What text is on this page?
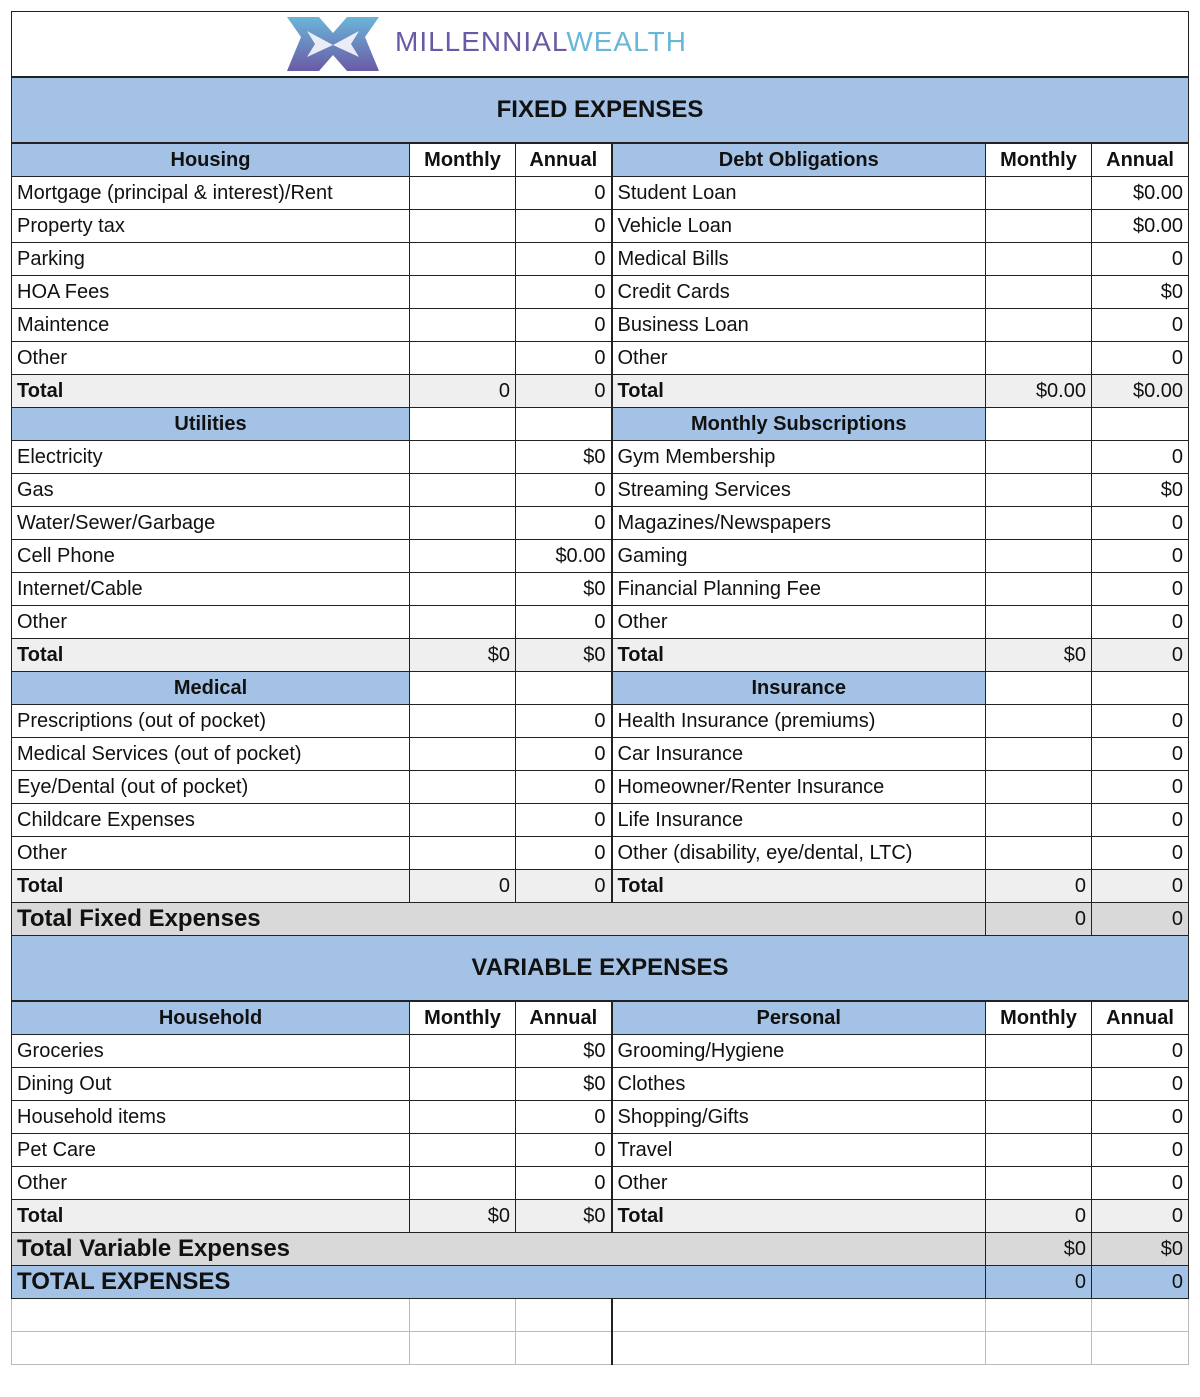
MILLENNIALWEALTH					

FIXED EXPENSES					
Housing	Monthly	Annual	Debt Obligations	Monthly	Annual
Mortgage (principal & interest)/Rent		0	Student Loan		$0.00
Property tax		0	Vehicle Loan		$0.00
Parking		0	Medical Bills		0
HOA Fees		0	Credit Cards		$0
Maintence		0	Business Loan		0
Other		0	Other		0
Total	0	0	Total	$0.00	$0.00
Utilities			Monthly Subscriptions		
Electricity		$0	Gym Membership		0
Gas		0	Streaming Services		$0
Water/Sewer/Garbage		0	Magazines/Newspapers		0
Cell Phone		$0.00	Gaming		0
Internet/Cable		$0	Financial Planning Fee		0
Other		0	Other		0
Total	$0	$0	Total	$0	0
Medical			Insurance		
Prescriptions (out of pocket)		0	Health Insurance (premiums)		0
Medical Services (out of pocket)		0	Car Insurance		0
Eye/Dental (out of pocket)		0	Homeowner/Renter Insurance		0
Childcare Expenses		0	Life Insurance		0
Other		0	Other (disability, eye/dental, LTC)		0
Total	0	0	Total	0	0
Total Fixed Expenses				0	0
VARIABLE EXPENSES					
Household	Monthly	Annual	Personal	Monthly	Annual
Groceries		$0	Grooming/Hygiene		0
Dining Out		$0	Clothes		0
Household items		0	Shopping/Gifts		0
Pet Care		0	Travel		0
Other		0	Other		0
Total	$0	$0	Total	0	0
Total Variable Expenses				$0	$0
TOTAL EXPENSES				0	0
